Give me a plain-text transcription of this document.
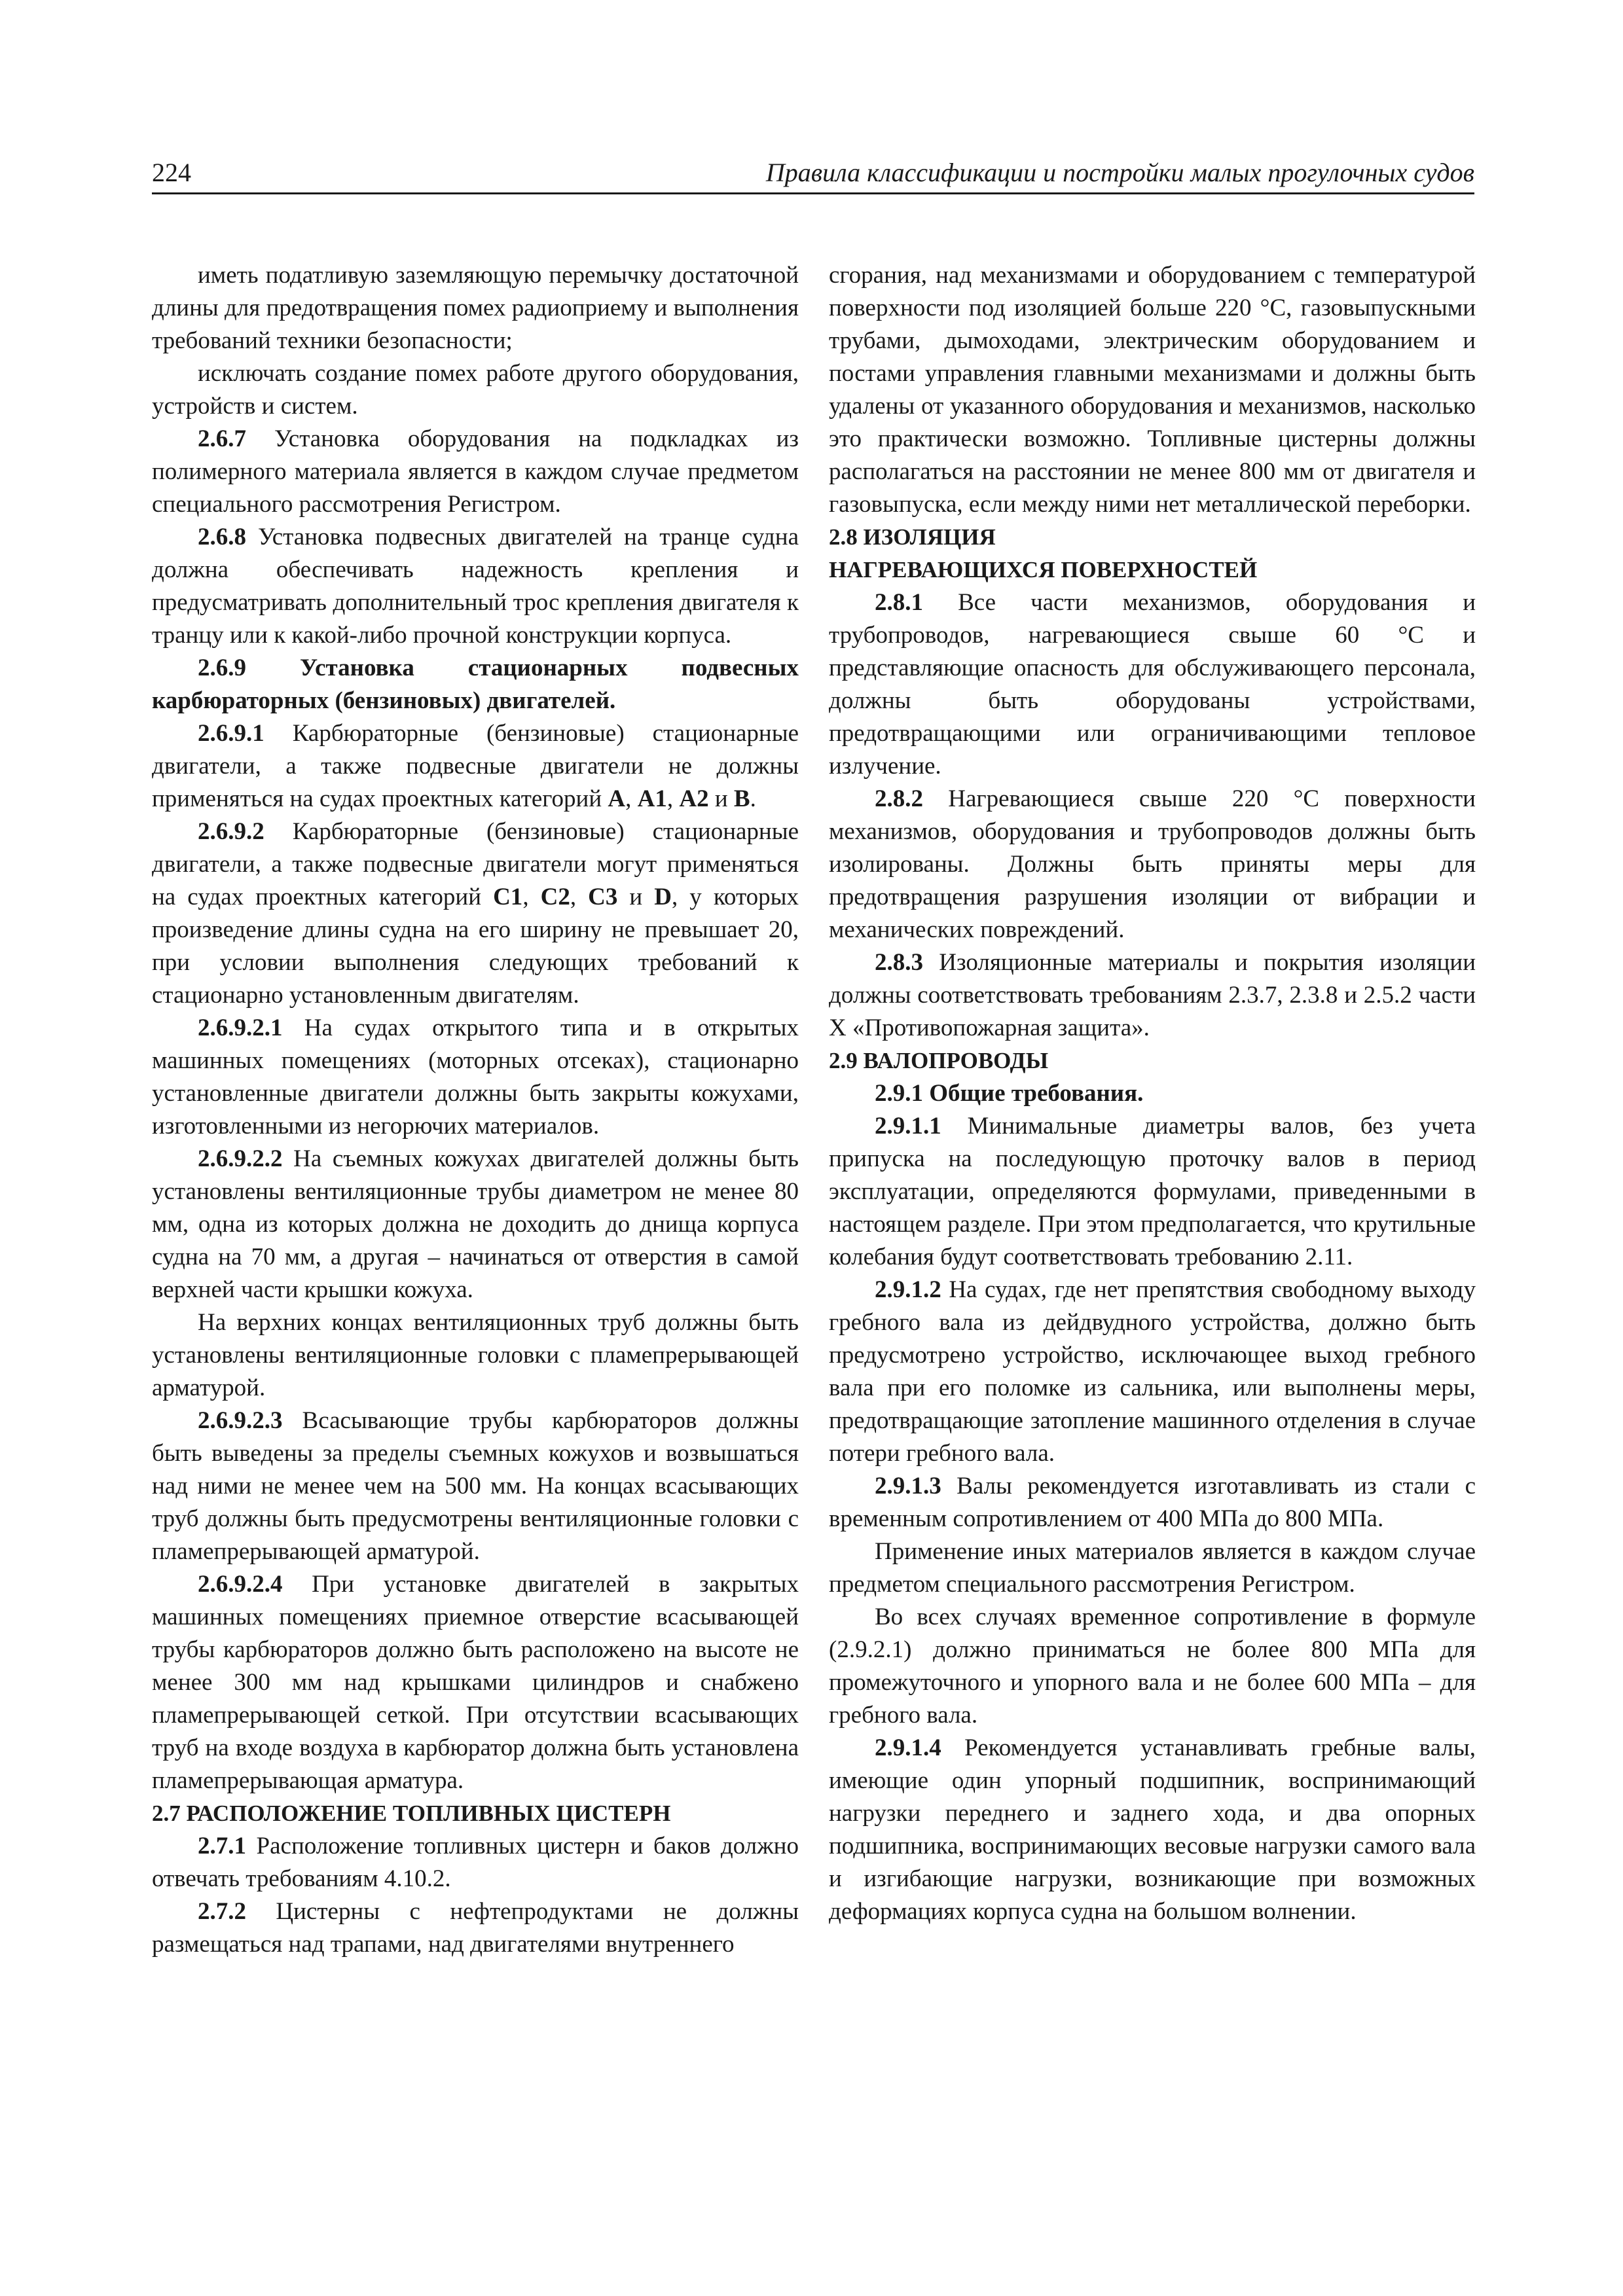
224	Правила классификации и постройки малых прогулочных судов

иметь податливую заземляющую перемычку достаточной длины для предотвращения помех радиоприему и выполнения требований техники безопасности;

исключать создание помех работе другого оборудования, устройств и систем.

2.6.7 Установка оборудования на подкладках из полимерного материала является в каждом случае предметом специального рассмотрения Регистром.

2.6.8 Установка подвесных двигателей на транце судна должна обеспечивать надежность крепления и предусматривать дополнительный трос крепления двигателя к транцу или к какой-либо прочной конструкции корпуса.

2.6.9 Установка стационарных подвесных карбюраторных (бензиновых) двигателей.

2.6.9.1 Карбюраторные (бензиновые) стационарные двигатели, а также подвесные двигатели не должны применяться на судах проектных категорий A, A1, A2 и B.

2.6.9.2 Карбюраторные (бензиновые) стационарные двигатели, а также подвесные двигатели могут применяться на судах проектных категорий C1, C2, C3 и D, у которых произведение длины судна на его ширину не превышает 20, при условии выполнения следующих требований к стационарно установленным двигателям.

2.6.9.2.1 На судах открытого типа и в открытых машинных помещениях (моторных отсеках), стационарно установленные двигатели должны быть закрыты кожухами, изготовленными из негорючих материалов.

2.6.9.2.2 На съемных кожухах двигателей должны быть установлены вентиляционные трубы диаметром не менее 80 мм, одна из которых должна не доходить до днища корпуса судна на 70 мм, а другая – начинаться от отверстия в самой верхней части крышки кожуха.

На верхних концах вентиляционных труб должны быть установлены вентиляционные головки с пламепрерывающей арматурой.

2.6.9.2.3 Всасывающие трубы карбюраторов должны быть выведены за пределы съемных кожухов и возвышаться над ними не менее чем на 500 мм. На концах всасывающих труб должны быть предусмотрены вентиляционные головки с пламепрерывающей арматурой.

2.6.9.2.4 При установке двигателей в закрытых машинных помещениях приемное отверстие всасывающей трубы карбюраторов должно быть расположено на высоте не менее 300 мм над крышками цилиндров и снабжено пламепрерывающей сеткой. При отсутствии всасывающих труб на входе воздуха в карбюратор должна быть установлена пламепрерывающая арматура.

2.7 РАСПОЛОЖЕНИЕ ТОПЛИВНЫХ ЦИСТЕРН

2.7.1 Расположение топливных цистерн и баков должно отвечать требованиям 4.10.2.

2.7.2 Цистерны с нефтепродуктами не должны размещаться над трапами, над двигателями внутреннего

сгорания, над механизмами и оборудованием с температурой поверхности под изоляцией больше 220 °С, газовыпускными трубами, дымоходами, электрическим оборудованием и постами управления главными механизмами и должны быть удалены от указанного оборудования и механизмов, насколько это практически возможно. Топливные цистерны должны располагаться на расстоянии не менее 800 мм от двигателя и газовыпуска, если между ними нет металлической переборки.

2.8 ИЗОЛЯЦИЯ
НАГРЕВАЮЩИХСЯ ПОВЕРХНОСТЕЙ

2.8.1 Все части механизмов, оборудования и трубопроводов, нагревающиеся свыше 60 °С и представляющие опасность для обслуживающего персонала, должны быть оборудованы устройствами, предотвращающими или ограничивающими тепловое излучение.

2.8.2 Нагревающиеся свыше 220 °С поверхности механизмов, оборудования и трубопроводов должны быть изолированы. Должны быть приняты меры для предотвращения разрушения изоляции от вибрации и механических повреждений.

2.8.3 Изоляционные материалы и покрытия изоляции должны соответствовать требованиям 2.3.7, 2.3.8 и 2.5.2 части X «Противопожарная защита».

2.9 ВАЛОПРОВОДЫ

2.9.1 Общие требования.

2.9.1.1 Минимальные диаметры валов, без учета припуска на последующую проточку валов в период эксплуатации, определяются формулами, приведенными в настоящем разделе. При этом предполагается, что крутильные колебания будут соответствовать требованию 2.11.

2.9.1.2 На судах, где нет препятствия свободному выходу гребного вала из дейдвудного устройства, должно быть предусмотрено устройство, исключающее выход гребного вала при его поломке из сальника, или выполнены меры, предотвращающие затопление машинного отделения в случае потери гребного вала.

2.9.1.3 Валы рекомендуется изготавливать из стали с временным сопротивлением от 400 МПа до 800 МПа.

Применение иных материалов является в каждом случае предметом специального рассмотрения Регистром.

Во всех случаях временное сопротивление в формуле (2.9.2.1) должно приниматься не более 800 МПа для промежуточного и упорного вала и не более 600 МПа – для гребного вала.

2.9.1.4 Рекомендуется устанавливать гребные валы, имеющие один упорный подшипник, воспринимающий нагрузки переднего и заднего хода, и два опорных подшипника, воспринимающих весовые нагрузки самого вала и изгибающие нагрузки, возникающие при возможных деформациях корпуса судна на большом волнении.
